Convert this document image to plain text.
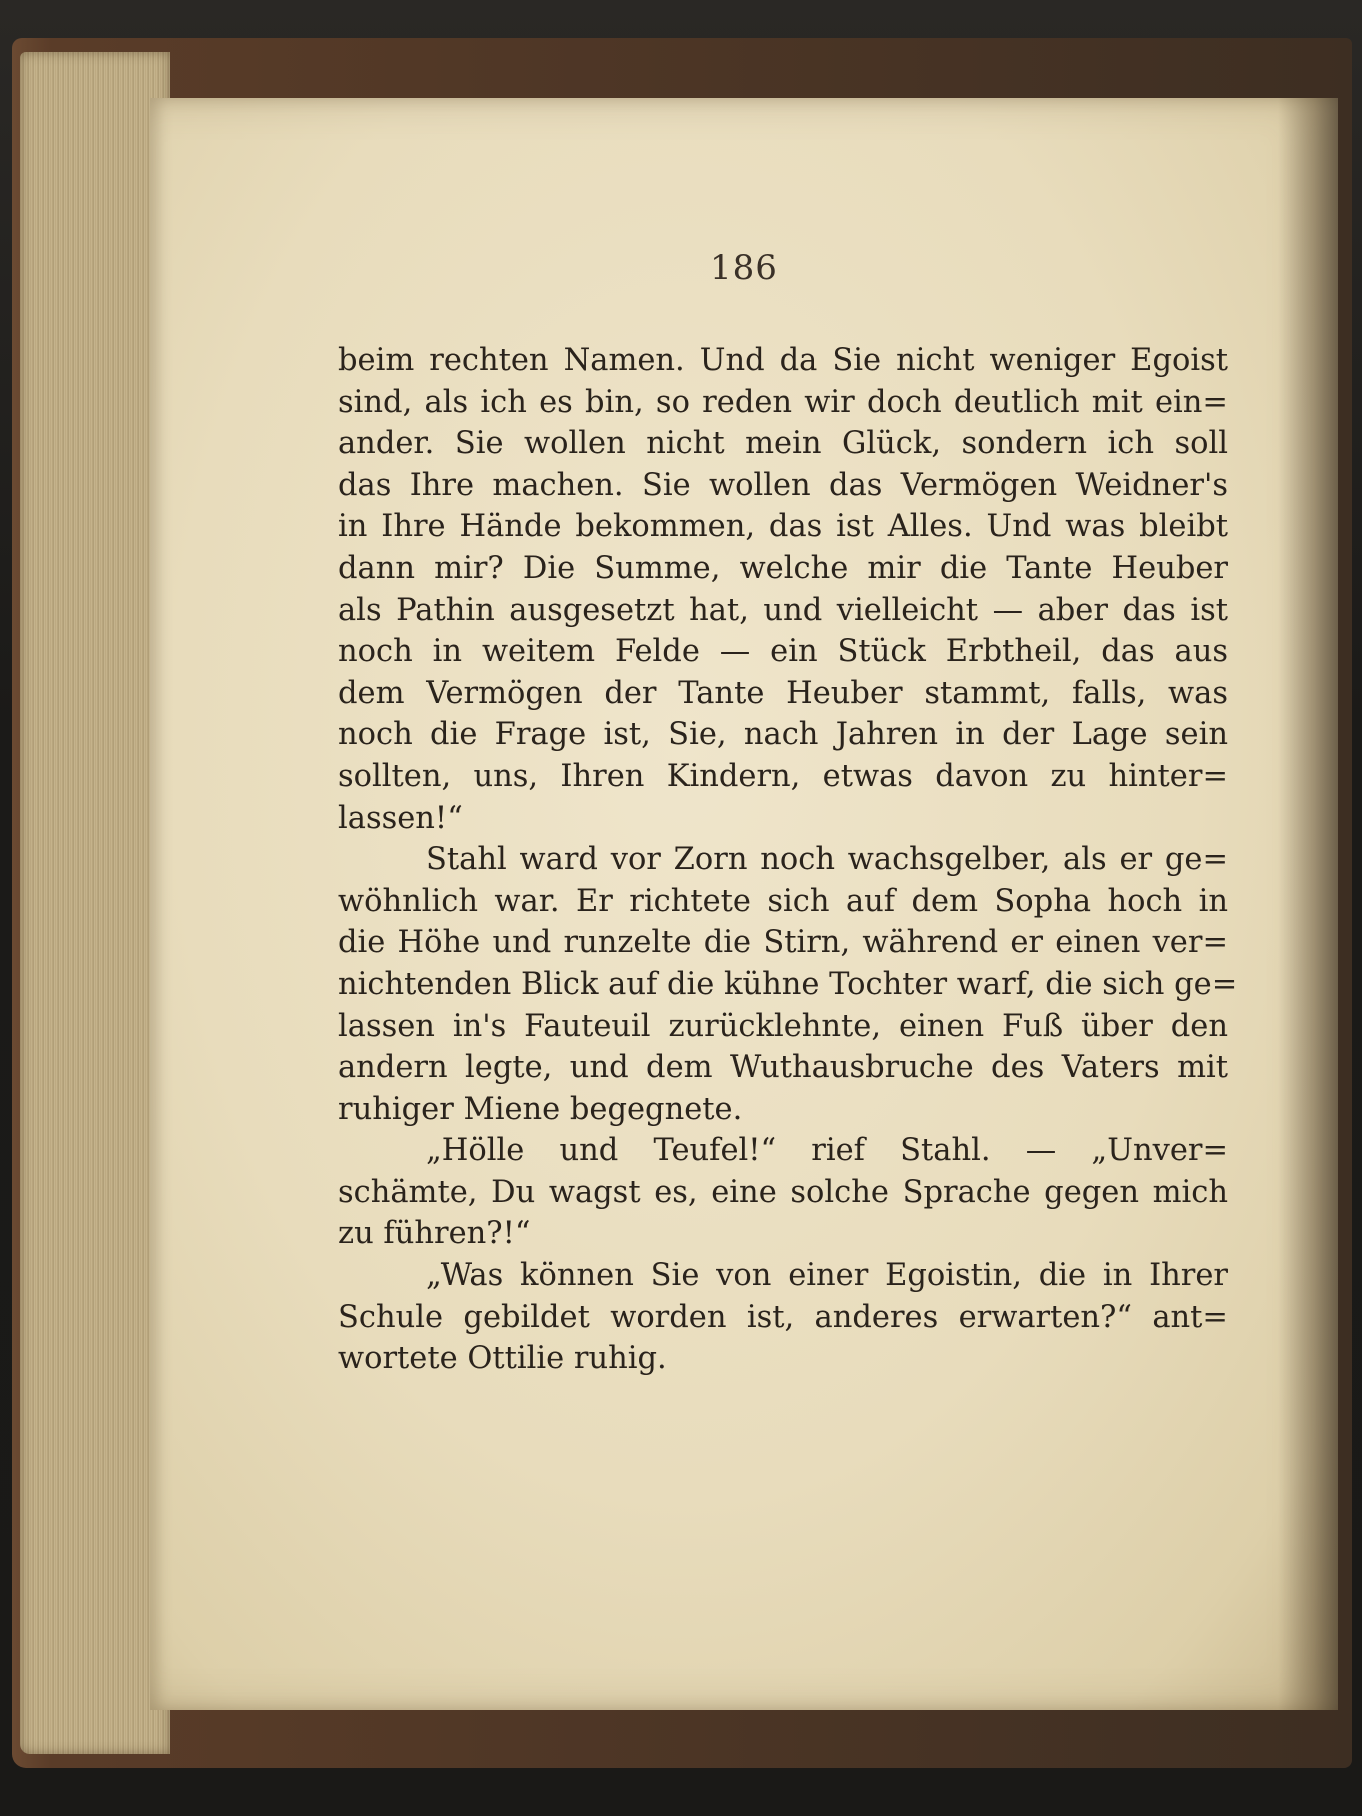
186
beim rechten Namen. Und da Sie nicht weniger Egoist
sind, als ich es bin, so reden wir doch deutlich mit ein=
ander. Sie wollen nicht mein Glück, sondern ich soll
das Ihre machen. Sie wollen das Vermögen Weidner's
in Ihre Hände bekommen, das ist Alles. Und was bleibt
dann mir? Die Summe, welche mir die Tante Heuber
als Pathin ausgesetzt hat, und vielleicht — aber das ist
noch in weitem Felde — ein Stück Erbtheil, das aus
dem Vermögen der Tante Heuber stammt, falls, was
noch die Frage ist, Sie, nach Jahren in der Lage sein
sollten, uns, Ihren Kindern, etwas davon zu hinter=
lassen!“
Stahl ward vor Zorn noch wachsgelber, als er ge=
wöhnlich war. Er richtete sich auf dem Sopha hoch in
die Höhe und runzelte die Stirn, während er einen ver=
nichtenden Blick auf die kühne Tochter warf, die sich ge=
lassen in's Fauteuil zurücklehnte, einen Fuß über den
andern legte, und dem Wuthausbruche des Vaters mit
ruhiger Miene begegnete.
„Hölle und Teufel!“ rief Stahl. — „Unver=
schämte, Du wagst es, eine solche Sprache gegen mich
zu führen?!“
„Was können Sie von einer Egoistin, die in Ihrer
Schule gebildet worden ist, anderes erwarten?“ ant=
wortete Ottilie ruhig.
